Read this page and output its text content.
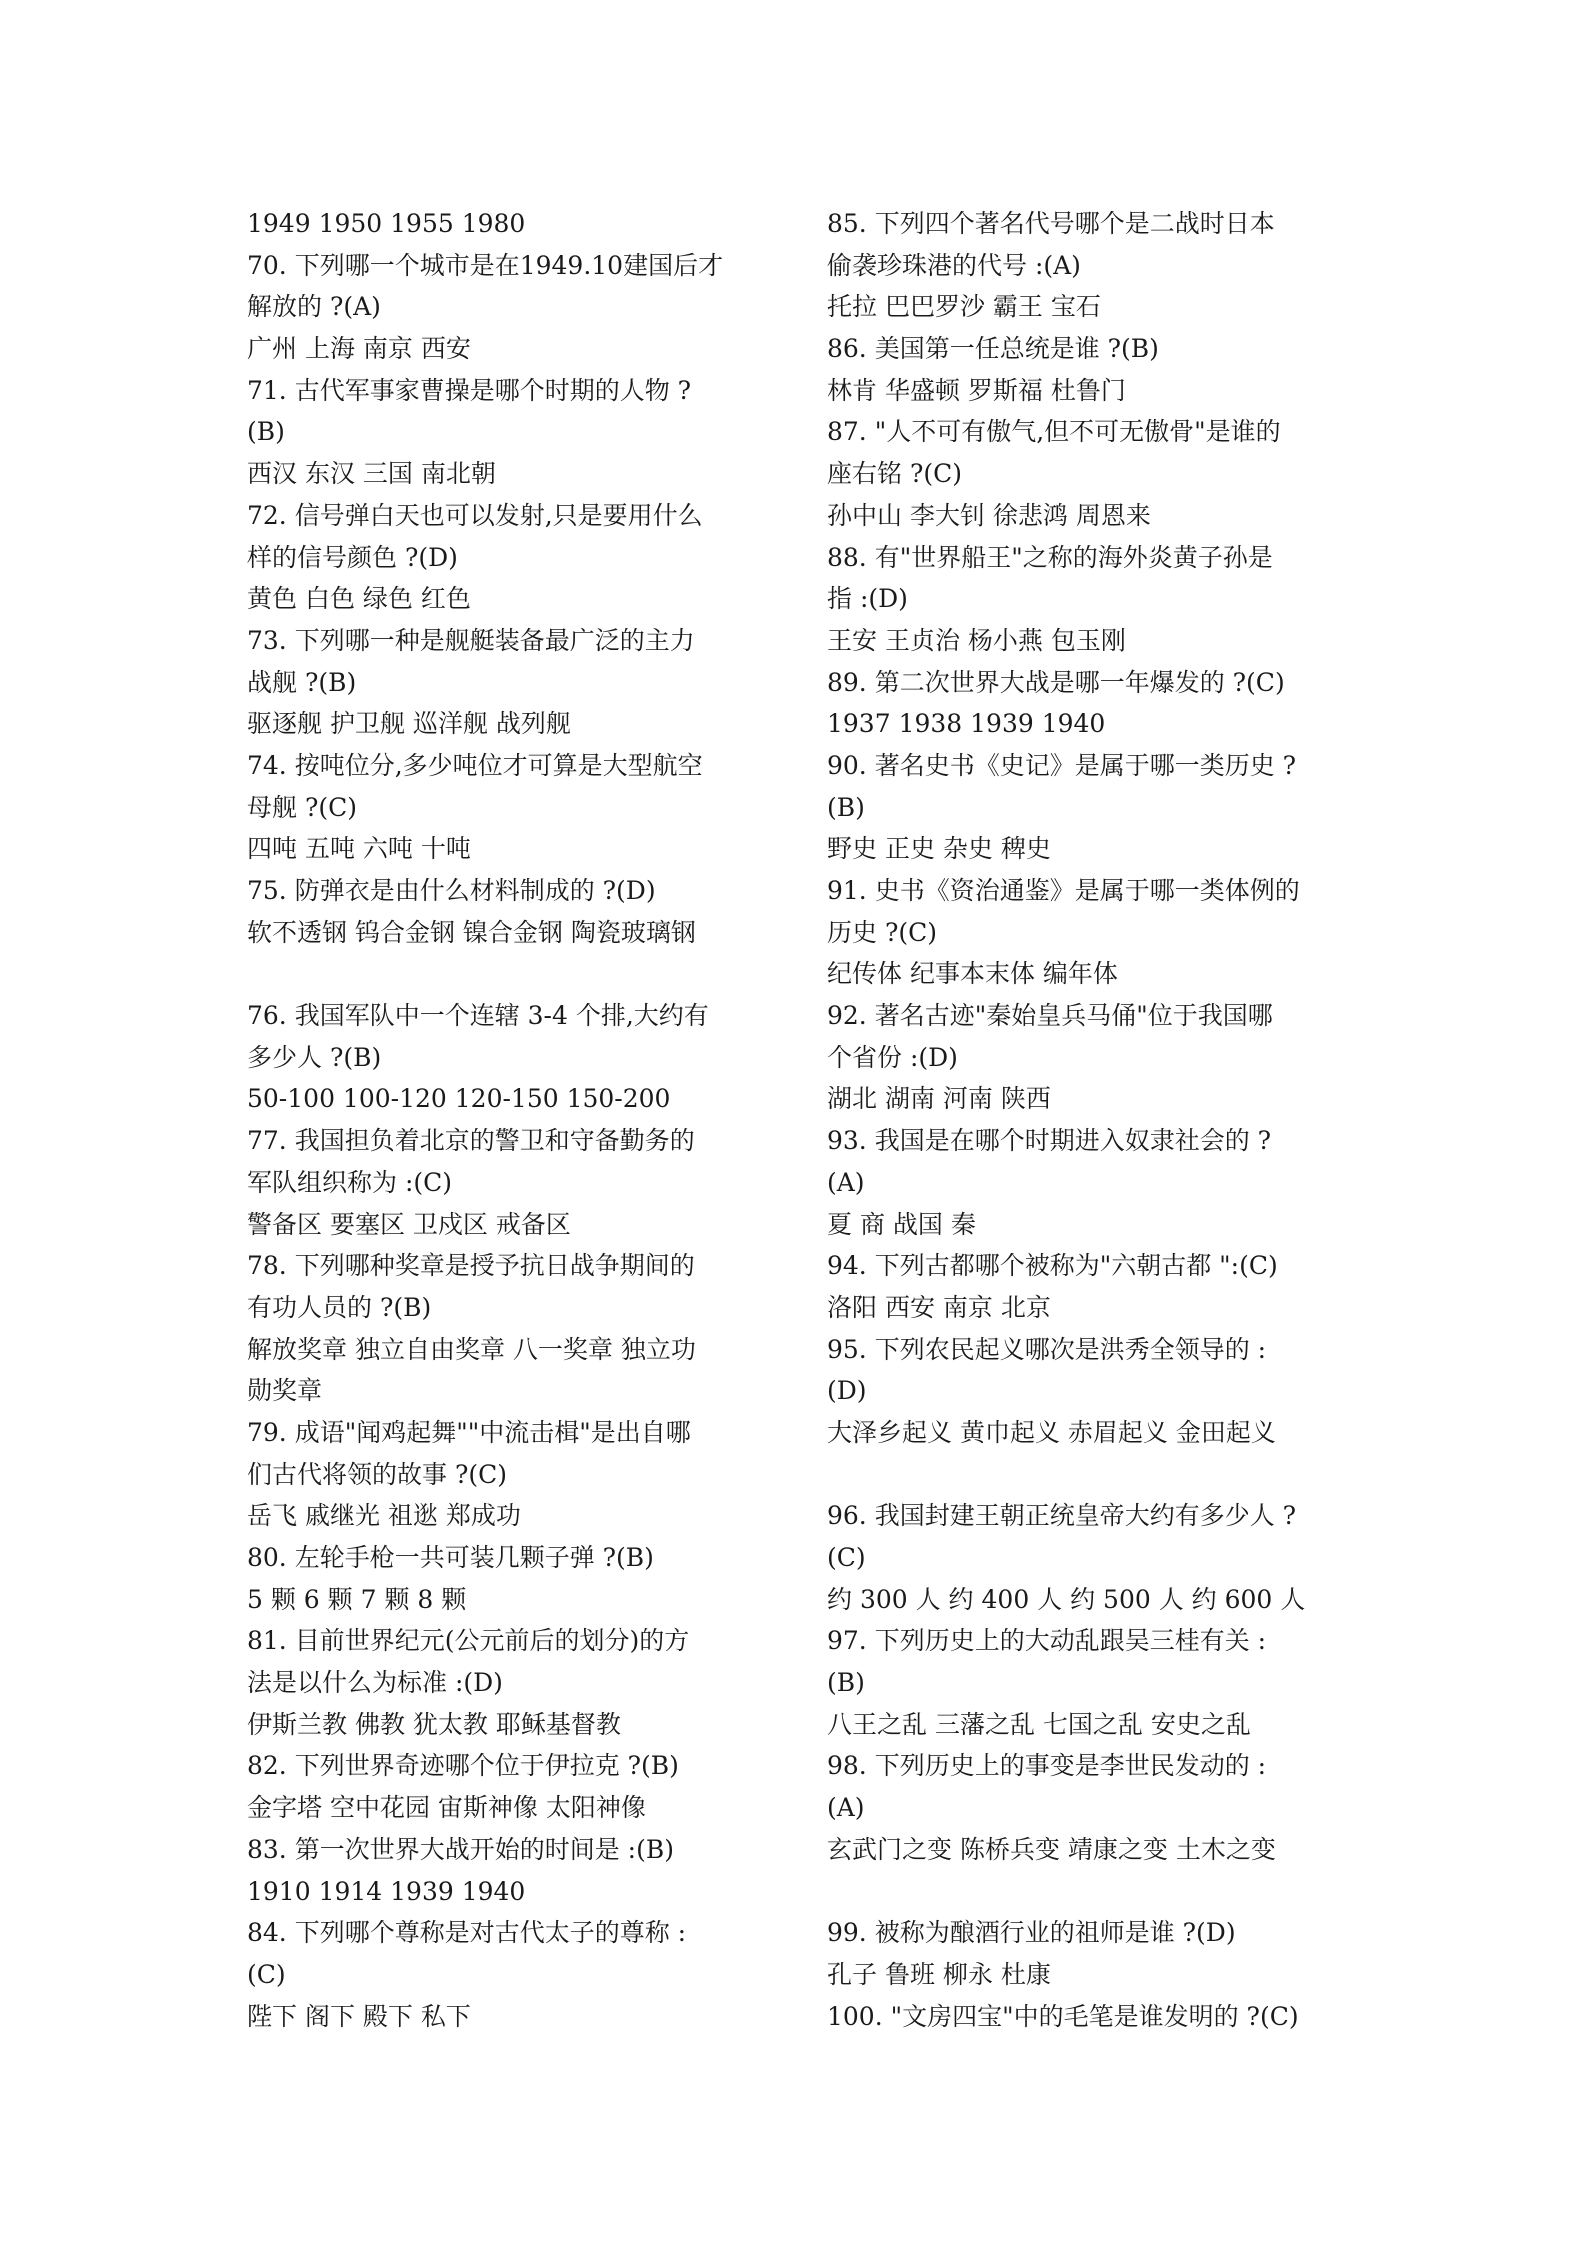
1949 1950 1955 1980
70. 下列哪一个城市是在1949.10建国后才
解放的 ?(A)
广州 上海 南京 西安
71. 古代军事家曹操是哪个时期的人物 ?
(B)
西汉 东汉 三国 南北朝
72. 信号弹白天也可以发射,只是要用什么
样的信号颜色 ?(D)
黄色 白色 绿色 红色
73. 下列哪一种是舰艇装备最广泛的主力
战舰 ?(B)
驱逐舰 护卫舰 巡洋舰 战列舰
74. 按吨位分,多少吨位才可算是大型航空
母舰 ?(C)
四吨 五吨 六吨 十吨
75. 防弹衣是由什么材料制成的 ?(D)
软不透钢 钨合金钢 镍合金钢 陶瓷玻璃钢
76. 我国军队中一个连辖 3-4 个排,大约有
多少人 ?(B)
50-100 100-120 120-150 150-200
77. 我国担负着北京的警卫和守备勤务的
军队组织称为 :(C)
警备区 要塞区 卫戍区 戒备区
78. 下列哪种奖章是授予抗日战争期间的
有功人员的 ?(B)
解放奖章 独立自由奖章 八一奖章 独立功
勋奖章
79. 成语"闻鸡起舞""中流击楫"是出自哪
们古代将领的故事 ?(C)
岳飞 戚继光 祖逖 郑成功
80. 左轮手枪一共可装几颗子弹 ?(B)
5 颗 6 颗 7 颗 8 颗
81. 目前世界纪元(公元前后的划分)的方
法是以什么为标准 :(D)
伊斯兰教 佛教 犹太教 耶稣基督教
82. 下列世界奇迹哪个位于伊拉克 ?(B)
金字塔 空中花园 宙斯神像 太阳神像
83. 第一次世界大战开始的时间是 :(B)
1910 1914 1939 1940
84. 下列哪个尊称是对古代太子的尊称 :
(C)
陛下 阁下 殿下 私下
85. 下列四个著名代号哪个是二战时日本
偷袭珍珠港的代号 :(A)
托拉 巴巴罗沙 霸王 宝石
86. 美国第一任总统是谁 ?(B)
林肯 华盛顿 罗斯福 杜鲁门
87. "人不可有傲气,但不可无傲骨"是谁的
座右铭 ?(C)
孙中山 李大钊 徐悲鸿 周恩来
88. 有"世界船王"之称的海外炎黄子孙是
指 :(D)
王安 王贞治 杨小燕 包玉刚
89. 第二次世界大战是哪一年爆发的 ?(C)
1937 1938 1939 1940
90. 著名史书《史记》是属于哪一类历史 ?
(B)
野史 正史 杂史 稗史
91. 史书《资治通鉴》是属于哪一类体例的
历史 ?(C)
纪传体 纪事本末体 编年体
92. 著名古迹"秦始皇兵马俑"位于我国哪
个省份 :(D)
湖北 湖南 河南 陕西
93. 我国是在哪个时期进入奴隶社会的 ?
(A)
夏 商 战国 秦
94. 下列古都哪个被称为"六朝古都 ":(C)
洛阳 西安 南京 北京
95. 下列农民起义哪次是洪秀全领导的 :
(D)
大泽乡起义 黄巾起义 赤眉起义 金田起义
96. 我国封建王朝正统皇帝大约有多少人 ?
(C)
约 300 人 约 400 人 约 500 人 约 600 人
97. 下列历史上的大动乱跟吴三桂有关 :
(B)
八王之乱 三藩之乱 七国之乱 安史之乱
98. 下列历史上的事变是李世民发动的 :
(A)
玄武门之变 陈桥兵变 靖康之变 土木之变
99. 被称为酿酒行业的祖师是谁 ?(D)
孔子 鲁班 柳永 杜康
100. "文房四宝"中的毛笔是谁发明的 ?(C)
